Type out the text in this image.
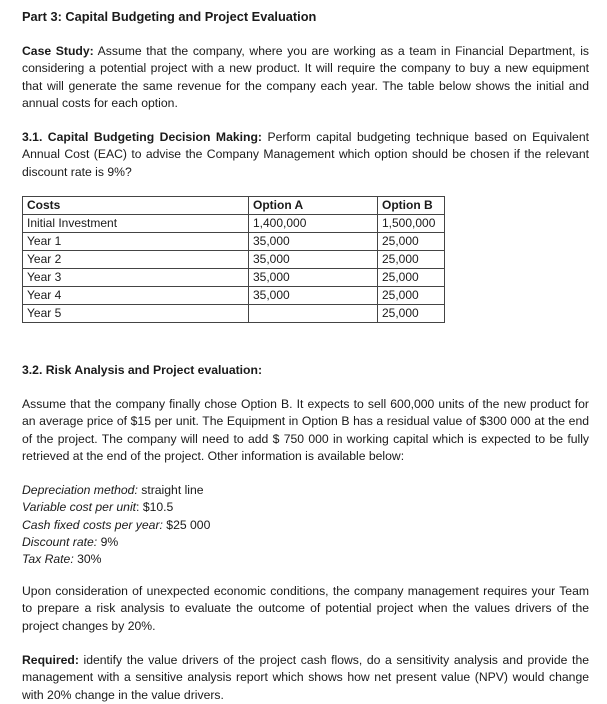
Part 3: Capital Budgeting and Project Evaluation

Case Study: Assume that the company, where you are working as a team in Financial Department, is considering a potential project with a new product. It will require the company to buy a new equipment that will generate the same revenue for the company each year. The table below shows the initial and annual costs for each option.

3.1. Capital Budgeting Decision Making: Perform capital budgeting technique based on Equivalent Annual Cost (EAC) to advise the Company Management which option should be chosen if the relevant discount rate is 9%?

Costs	Option A	Option B
Initial Investment	1,400,000	1,500,000
Year 1	35,000	25,000
Year 2	35,000	25,000
Year 3	35,000	25,000
Year 4	35,000	25,000
Year 5		25,000

3.2. Risk Analysis and Project evaluation:

Assume that the company finally chose Option B. It expects to sell 600,000 units of the new product for an average price of $15 per unit. The Equipment in Option B has a residual value of $300 000 at the end of the project. The company will need to add $ 750 000 in working capital which is expected to be fully retrieved at the end of the project. Other information is available below:

Depreciation method: straight line

Variable cost per unit: $10.5

Cash fixed costs per year: $25 000

Discount rate: 9%

Tax Rate: 30%

Upon consideration of unexpected economic conditions, the company management requires your Team to prepare a risk analysis to evaluate the outcome of potential project when the values drivers of the project changes by 20%.

Required: identify the value drivers of the project cash flows, do a sensitivity analysis and provide the management with a sensitive analysis report which shows how net present value (NPV) would change with 20% change in the value drivers.
